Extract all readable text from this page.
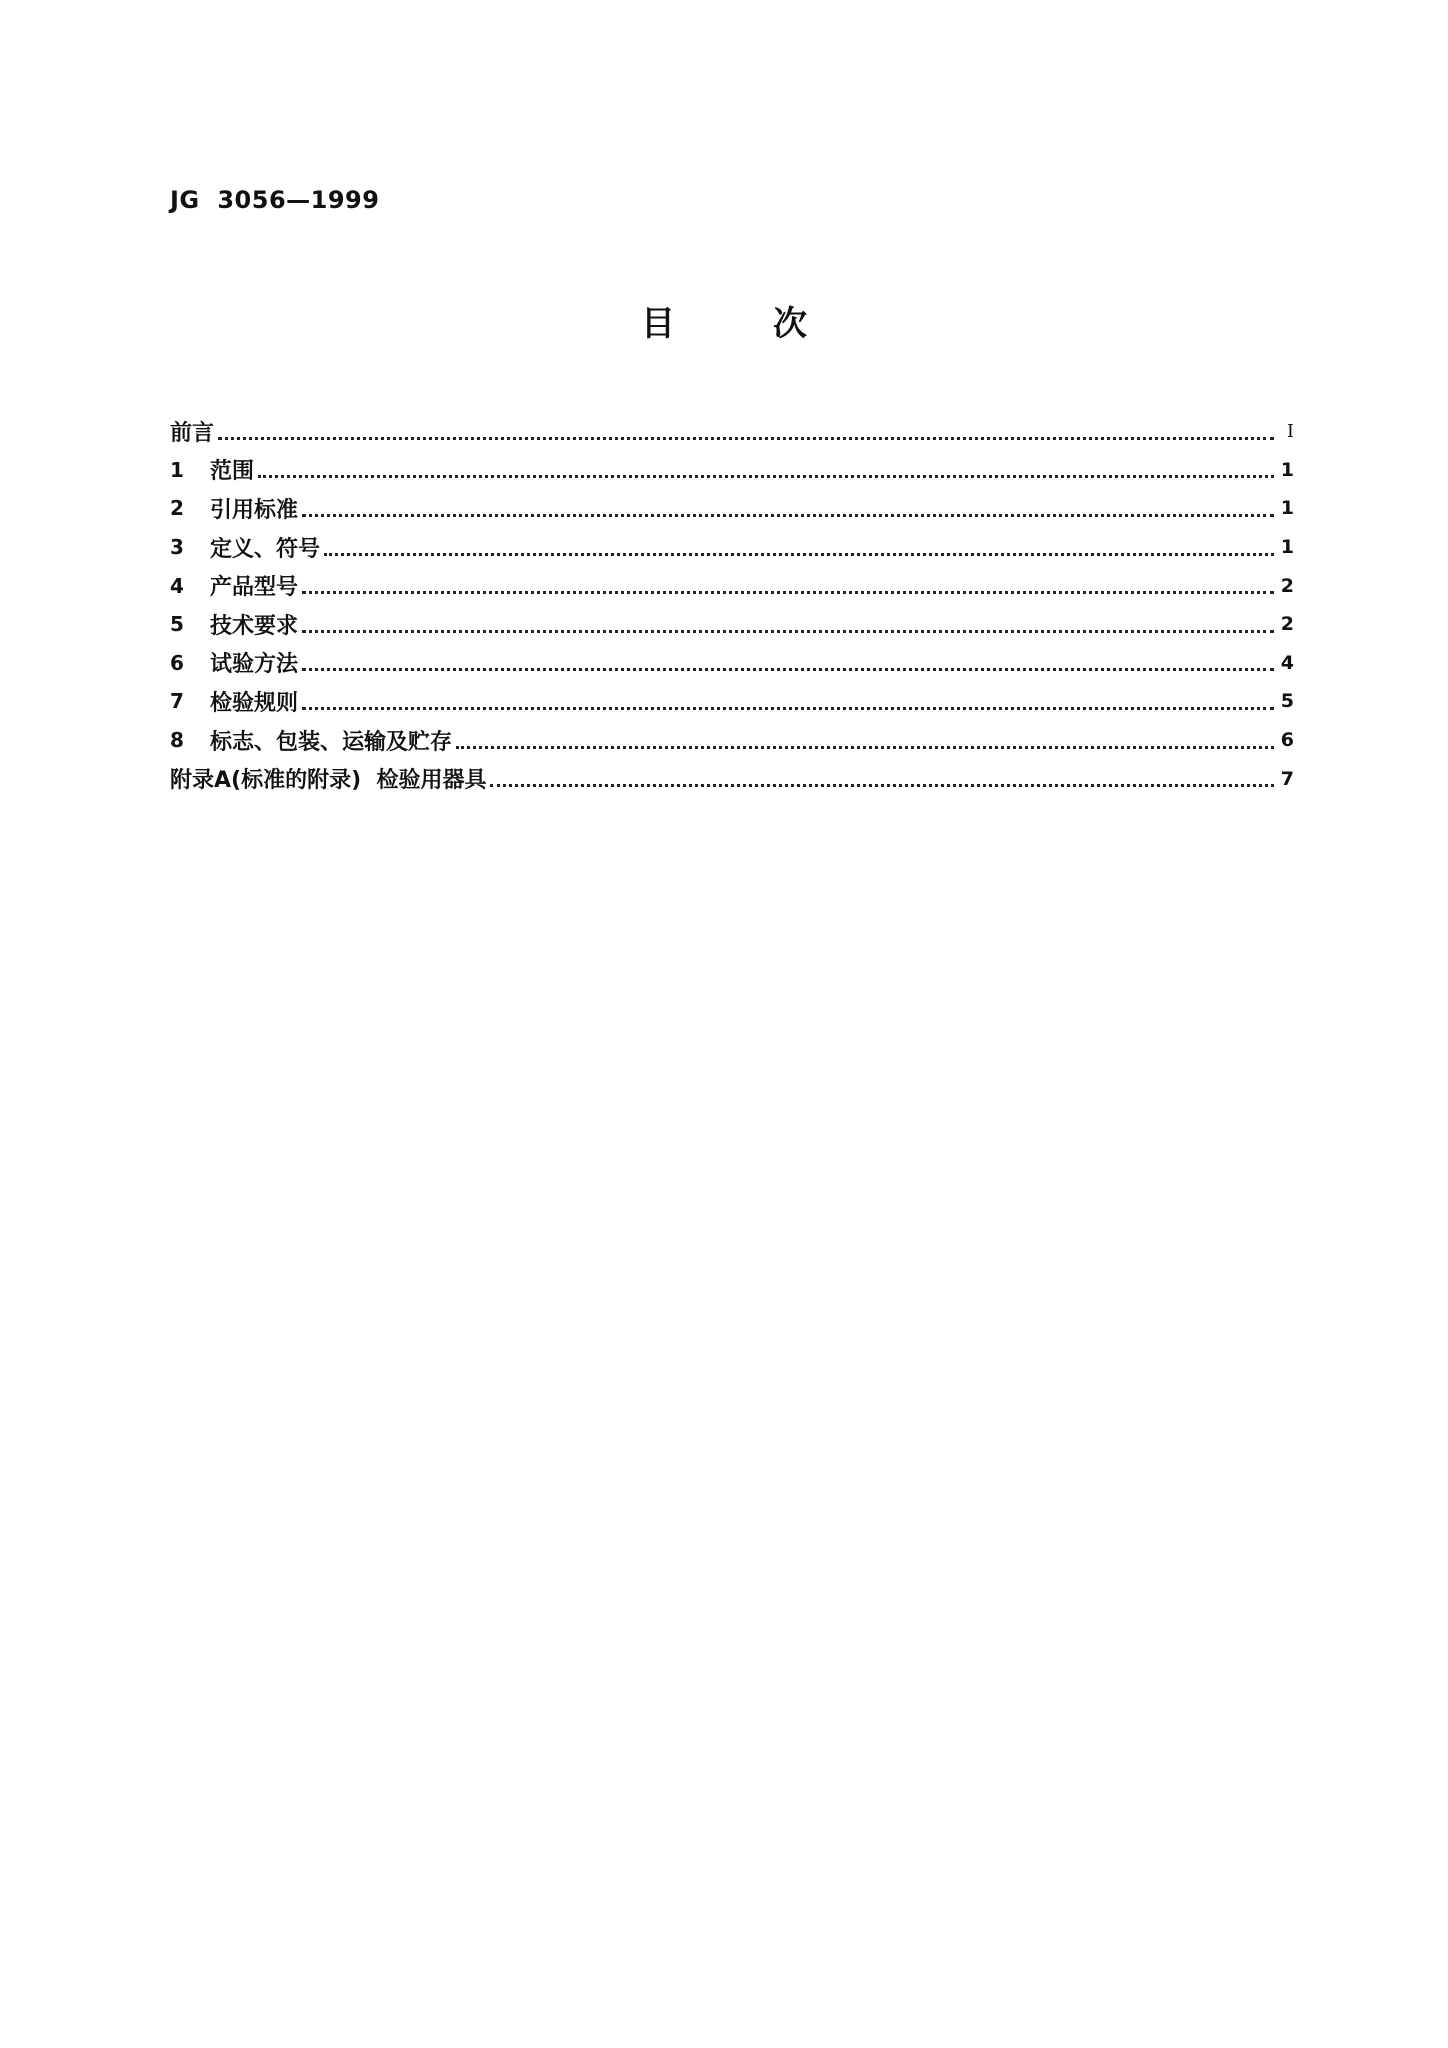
JG  3056—1999
目次
前言	I
1	范围	1
2	引用标准	1
3	定义、符号	1
4	产品型号	2
5	技术要求	2
6	试验方法	4
7	检验规则	5
8	标志、包装、运输及贮存	6
附录A(标准的附录)  检验用器具	7
